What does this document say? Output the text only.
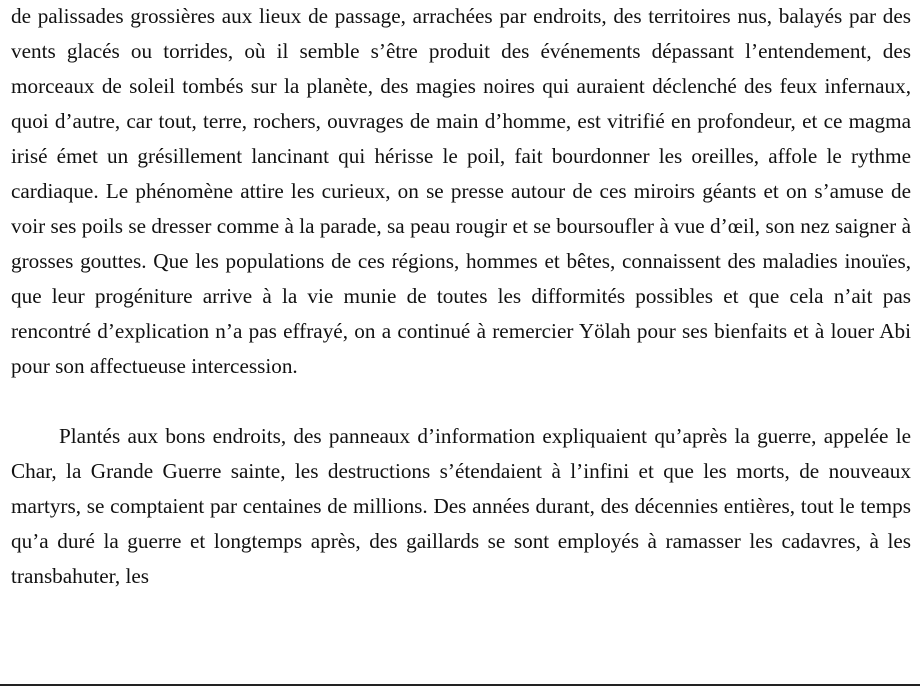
de palissades grossières aux lieux de passage, arrachées par endroits, des territoires nus, balayés par des vents glacés ou torrides, où il semble s’être produit des événements dépassant l’entendement, des morceaux de soleil tombés sur la planète, des magies noires qui auraient déclenché des feux infernaux, quoi d’autre, car tout, terre, rochers, ouvrages de main d’homme, est vitrifié en profondeur, et ce magma irisé émet un grésillement lancinant qui hérisse le poil, fait bourdonner les oreilles, affole le rythme cardiaque. Le phénomène attire les curieux, on se presse autour de ces miroirs géants et on s’amuse de voir ses poils se dresser comme à la parade, sa peau rougir et se boursoufler à vue d’œil, son nez saigner à grosses gouttes. Que les populations de ces régions, hommes et bêtes, connaissent des maladies inouïes, que leur progéniture arrive à la vie munie de toutes les difformités possibles et que cela n’ait pas rencontré d’explication n’a pas effrayé, on a continué à remercier Yölah pour ses bienfaits et à louer Abi pour son affectueuse intercession.

Plantés aux bons endroits, des panneaux d’information expliquaient qu’après la guerre, appelée le Char, la Grande Guerre sainte, les destructions s’étendaient à l’infini et que les morts, de nouveaux martyrs, se comptaient par centaines de millions. Des années durant, des décennies entières, tout le temps qu’a duré la guerre et longtemps après, des gaillards se sont employés à ramasser les cadavres, à les transbahuter, les
